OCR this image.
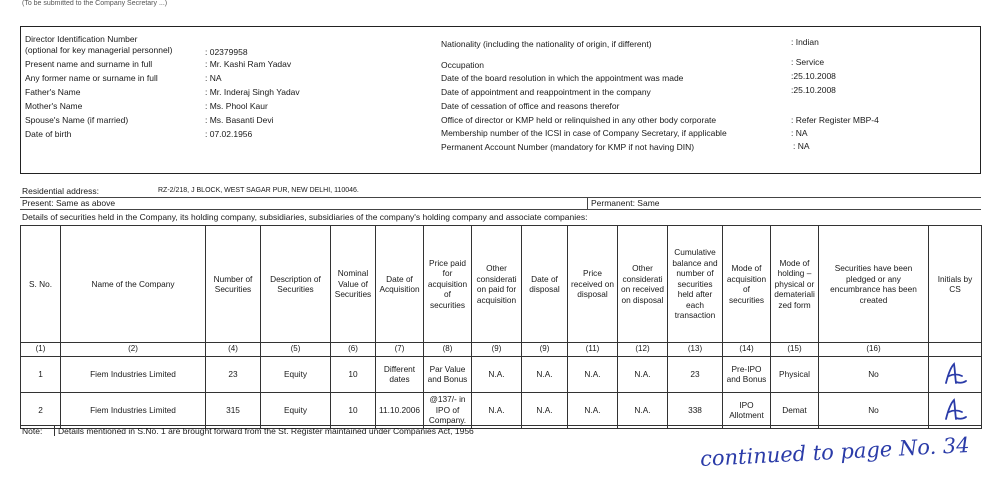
(To be submitted to the Company Secretary ...)
Director Identification Number
(optional for key managerial personnel)	: 02379958
Present name and surname in full	: Mr. Kashi Ram Yadav
Any former name or surname in full	: NA
Father's Name	: Mr. Inderaj Singh Yadav
Mother's Name	: Ms. Phool Kaur
Spouse's Name (if married)	: Ms. Basanti Devi
Date of birth	: 07.02.1956
Nationality (including the nationality of origin, if different)	: Indian
Occupation	: Service
Date of the board resolution in which the appointment was made	:25.10.2008
Date of appointment and reappointment in the company	:25.10.2008
Date of cessation of office and reasons therefor
Office of director or KMP held or relinquished in any other body corporate	: Refer Register MBP-4
Membership number of the ICSI in case of Company Secretary, if applicable	: NA
Permanent Account Number (mandatory for KMP if not having DIN)	: NA
Residential address:	RZ-2/218, J BLOCK, WEST SAGAR PUR, NEW DELHI, 110046.
Present: Same as above	Permanent: Same
Details of securities held in the Company, its holding company, subsidiaries, subsidiaries of the company's holding company and associate companies:
S. No.	Name of the Company	Number of Securities	Description of Securities	Nominal Value of Securities	Date of Acquisition	Price paid for acquisition of securities	Other considerati on paid for acquisition	Date of disposal	Price received on disposal	Other considerati on received on disposal	Cumulative balance and number of securities held after each transaction	Mode of acquisition of securities	Mode of holding – physical or demateriali zed form	Securities have been pledged or any encumbrance has been created	Initials by CS
(1)	(2)	(4)	(5)	(6)	(7)	(8)	(9)	(9)	(11)	(12)	(13)	(14)	(15)	(16)	
1	Fiem Industries Limited	23	Equity	10	Different dates	Par Value and Bonus	N.A.	N.A.	N.A.	N.A.	23	Pre-IPO and Bonus	Physical	No	

2	Fiem Industries Limited	315	Equity	10	11.10.2006	@137/- in IPO of Company.	N.A.	N.A.	N.A.	N.A.	338	IPO Allotment	Demat	No	
Note: Details mentioned in S.No. 1 are brought forward from the St. Register maintained under Companies Act, 1956
continued to page No. 34
